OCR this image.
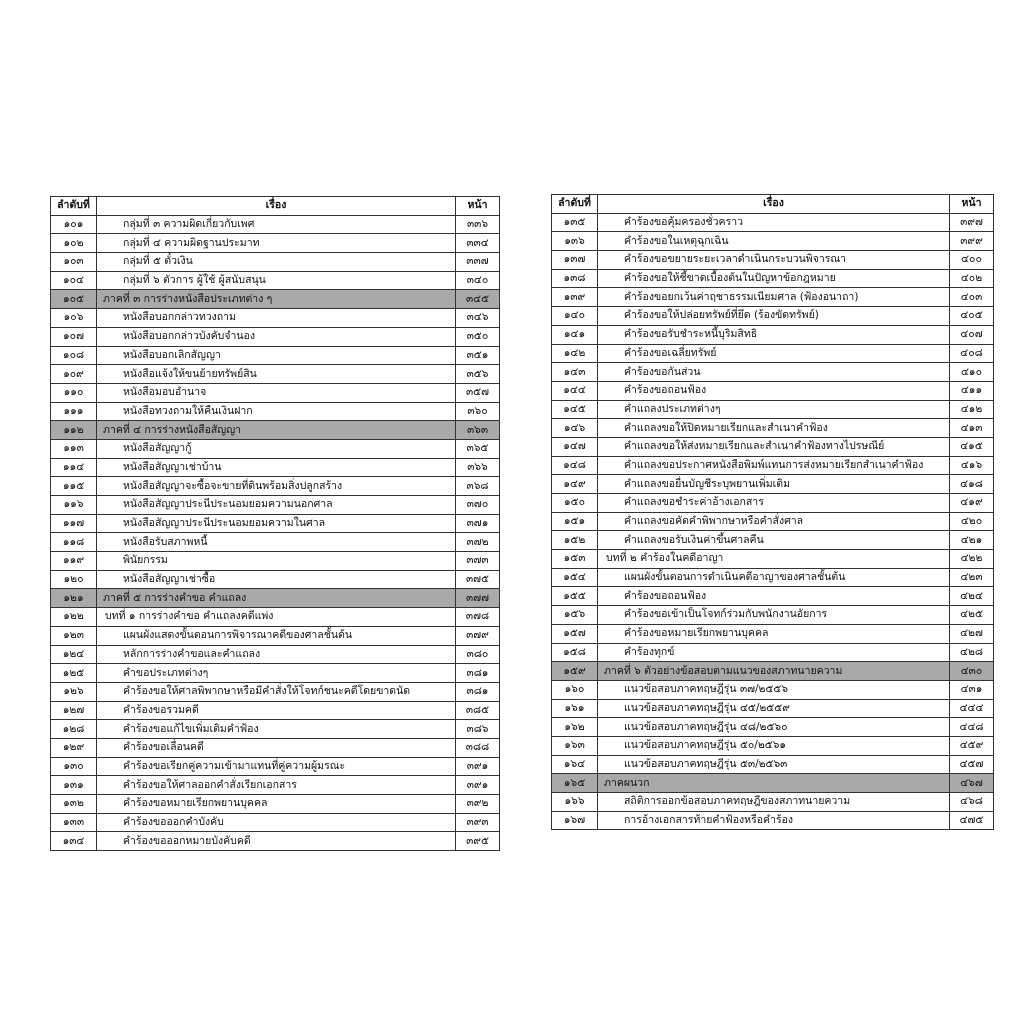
ลำดับที่	เรื่อง	หน้า
๑๐๑	กลุ่มที่ ๓ ความผิดเกี่ยวกับเพศ	๓๓๖
๑๐๒	กลุ่มที่ ๔ ความผิดฐานประมาท	๓๓๔
๑๐๓	กลุ่มที่ ๕ ตั๋วเงิน	๓๓๗
๑๐๔	กลุ่มที่ ๖ ตัวการ ผู้ใช้ ผู้สนับสนุน	๓๔๐
๑๐๕	ภาคที่ ๓ การร่างหนังสือประเภทต่าง ๆ	๓๔๕
๑๐๖	หนังสือบอกกล่าวทวงถาม	๓๔๖
๑๐๗	หนังสือบอกกล่าวบังคับจำนอง	๓๕๐
๑๐๘	หนังสือบอกเลิกสัญญา	๓๕๑
๑๐๙	หนังสือแจ้งให้ขนย้ายทรัพย์สิน	๓๕๖
๑๑๐	หนังสือมอบอำนาจ	๓๕๗
๑๑๑	หนังสือทวงถามให้คืนเงินฝาก	๓๖๐
๑๑๒	ภาคที่ ๔ การร่างหนังสือสัญญา	๓๖๓
๑๑๓	หนังสือสัญญากู้	๓๖๕
๑๑๔	หนังสือสัญญาเช่าบ้าน	๓๖๖
๑๑๕	หนังสือสัญญาจะซื้อจะขายที่ดินพร้อมสิ่งปลูกสร้าง	๓๖๘
๑๑๖	หนังสือสัญญาประนีประนอมยอมความนอกศาล	๓๗๐
๑๑๗	หนังสือสัญญาประนีประนอมยอมความในศาล	๓๗๑
๑๑๘	หนังสือรับสภาพหนี้	๓๗๒
๑๑๙	พินัยกรรม	๓๗๓
๑๒๐	หนังสือสัญญาเช่าซื้อ	๓๗๕
๑๒๑	ภาคที่ ๕ การร่างคำขอ คำแถลง	๓๗๗
๑๒๒	บทที่ ๑ การร่างคำขอ คำแถลงคดีแพ่ง	๓๗๘
๑๒๓	แผนผังแสดงขั้นตอนการพิจารณาคดีของศาลชั้นต้น	๓๗๙
๑๒๔	หลักการร่างคำขอและคำแถลง	๓๘๐
๑๒๕	คำขอประเภทต่างๆ	๓๘๑
๑๒๖	คำร้องขอให้ศาลพิพากษาหรือมีคำสั่งให้โจทก์ชนะคดีโดยขาดนัด	๓๘๑
๑๒๗	คำร้องขอรวมคดี	๓๘๕
๑๒๘	คำร้องขอแก้ไขเพิ่มเติมคำฟ้อง	๓๘๖
๑๒๙	คำร้องขอเลื่อนคดี	๓๘๘
๑๓๐	คำร้องขอเรียกคู่ความเข้ามาแทนที่คู่ความผู้มรณะ	๓๙๑
๑๓๑	คำร้องขอให้ศาลออกคำสั่งเรียกเอกสาร	๓๙๑
๑๓๒	คำร้องขอหมายเรียกพยานบุคคล	๓๙๒
๑๓๓	คำร้องขอออกคำบังคับ	๓๙๓
๑๓๔	คำร้องขอออกหมายบังคับคดี	๓๙๕
ลำดับที่	เรื่อง	หน้า
๑๓๕	คำร้องขอคุ้มครองชั่วคราว	๓๙๗
๑๓๖	คำร้องขอในเหตุฉุกเฉิน	๓๙๙
๑๓๗	คำร้องขอขยายระยะเวลาดำเนินกระบวนพิจารณา	๔๐๐
๑๓๘	คำร้องขอให้ชี้ขาดเบื้องต้นในปัญหาข้อกฎหมาย	๔๐๒
๑๓๙	คำร้องขอยกเว้นค่าฤชาธรรมเนียมศาล (ฟ้องอนาถา)	๔๐๓
๑๔๐	คำร้องขอให้ปล่อยทรัพย์ที่ยึด (ร้องขัดทรัพย์)	๔๐๕
๑๔๑	คำร้องขอรับชำระหนี้บุริมสิทธิ	๔๐๗
๑๔๒	คำร้องขอเฉลี่ยทรัพย์	๔๐๘
๑๔๓	คำร้องขอกันส่วน	๔๑๐
๑๔๔	คำร้องขอถอนฟ้อง	๔๑๑
๑๔๕	คำแถลงประเภทต่างๆ	๔๑๒
๑๔๖	คำแถลงขอให้ปิดหมายเรียกและสำเนาคำฟ้อง	๔๑๓
๑๔๗	คำแถลงขอให้ส่งหมายเรียกและสำเนาคำฟ้องทางไปรษณีย์	๔๑๕
๑๔๘	คำแถลงขอประกาศหนังสือพิมพ์แทนการส่งหมายเรียกสำเนาคำฟ้อง	๔๑๖
๑๔๙	คำแถลงขอยื่นบัญชีระบุพยานเพิ่มเติม	๔๑๘
๑๕๐	คำแถลงขอชำระค่าอ้างเอกสาร	๔๑๙
๑๕๑	คำแถลงขอคัดคำพิพากษาหรือคำสั่งศาล	๔๒๐
๑๕๒	คำแถลงขอรับเงินค่าขึ้นศาลคืน	๔๒๑
๑๕๓	บทที่ ๒ คำร้องในคดีอาญา	๔๒๒
๑๕๔	แผนผังขั้นตอนการดำเนินคดีอาญาของศาลชั้นต้น	๔๒๓
๑๕๕	คำร้องขอถอนฟ้อง	๔๒๔
๑๕๖	คำร้องขอเข้าเป็นโจทก์ร่วมกับพนักงานอัยการ	๔๒๕
๑๕๗	คำร้องขอหมายเรียกพยานบุคคล	๔๒๗
๑๕๘	คำร้องทุกข์	๔๒๘
๑๕๙	ภาคที่ ๖ ตัวอย่างข้อสอบตามแนวของสภาทนายความ	๔๓๐
๑๖๐	แนวข้อสอบภาคทฤษฎีรุ่น ๓๗/๒๕๕๖	๔๓๑
๑๖๑	แนวข้อสอบภาคทฤษฎีรุ่น ๔๕/๒๕๕๙	๔๔๔
๑๖๒	แนวข้อสอบภาคทฤษฎีรุ่น ๔๘/๒๕๖๐	๔๔๘
๑๖๓	แนวข้อสอบภาคทฤษฎีรุ่น ๕๐/๒๕๖๑	๔๕๙
๑๖๔	แนวข้อสอบภาคทฤษฎีรุ่น ๕๓/๒๕๖๓	๔๕๗
๑๖๕	ภาคผนวก	๔๖๗
๑๖๖	สถิติการออกข้อสอบภาคทฤษฎีของสภาทนายความ	๔๖๘
๑๖๗	การอ้างเอกสารท้ายคำฟ้องหรือคำร้อง	๔๗๕
